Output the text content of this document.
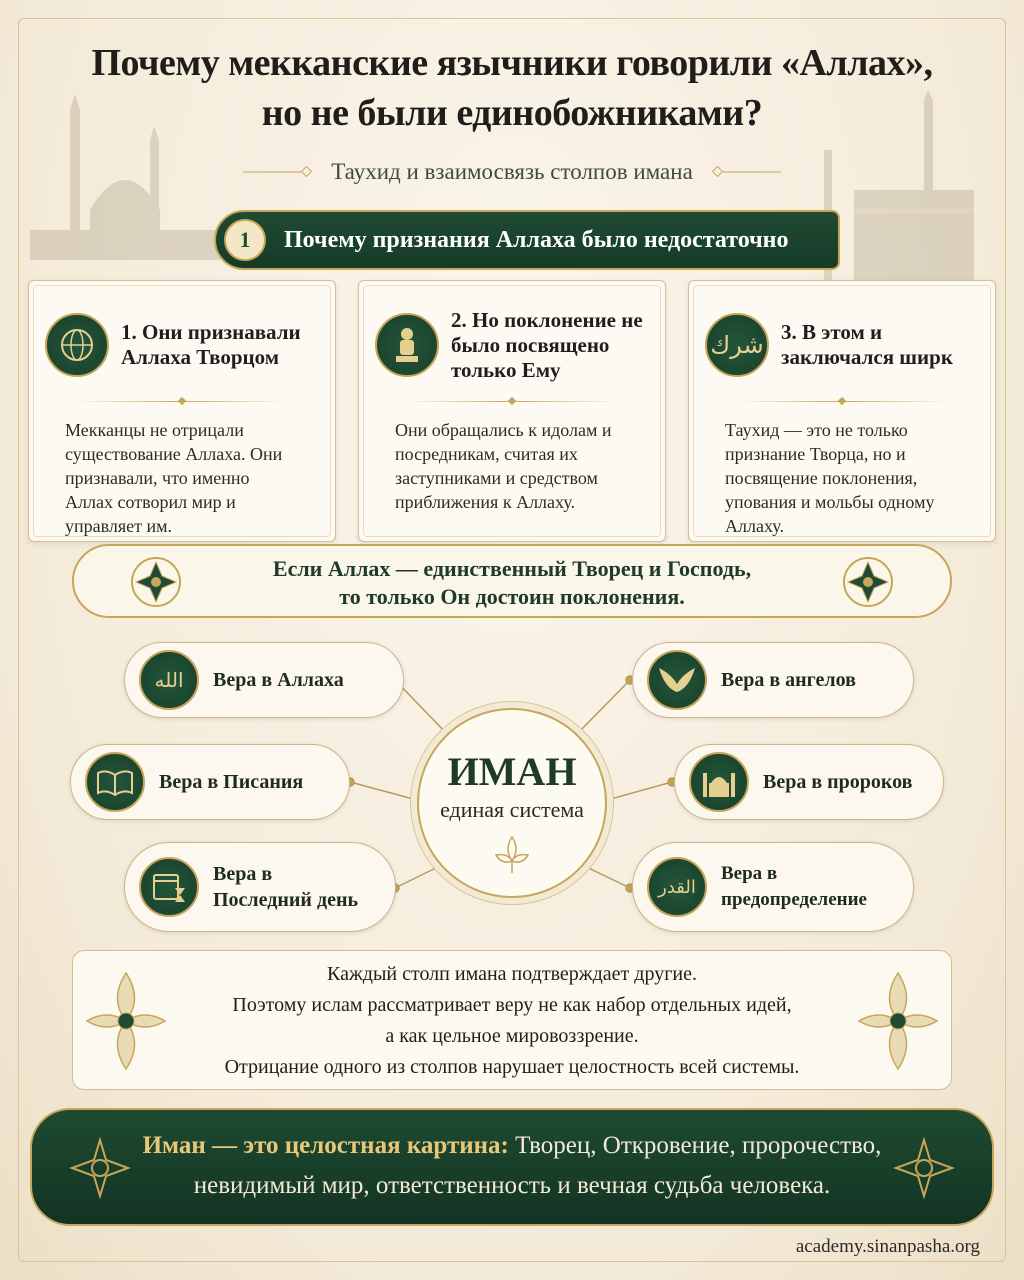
Почему мекканские язычники говорили «Аллах»,
но не были единобожниками?
Таухид и взаимосвязь столпов имана
1	Почему признания Аллаха было недостаточно
1. Они признавали Аллаха Творцом
Мекканцы не отрицали существование Аллаха. Они признавали, что именно Аллах сотворил мир и управляет им.
2. Но поклонение не было посвящено только Ему
Они обращались к идолам и посредникам, считая их заступниками и средством приближения к Аллаху.
شرك 3. В этом и заключался ширк
Таухид — это не только признание Творца, но и посвящение поклонения, упования и мольбы одному Аллаху.
Если Аллах — единственный Творец и Господь,
то только Он достоин поклонения.
ИМАН
единая система
الله	Вера в Аллаха	Вера в ангелов
Вера в Писания	Вера в пророков
Вера в Последний день
القدر
Вера в предопределение
Каждый столп имана подтверждает другие.
Поэтому ислам рассматривает веру не как набор отдельных идей,
а как цельное мировоззрение.
Отрицание одного из столпов нарушает целостность всей системы.
Иман — это целостная картина: Творец, Откровение, пророчество,
невидимый мир, ответственность и вечная судьба человека.
academy.sinanpasha.org
